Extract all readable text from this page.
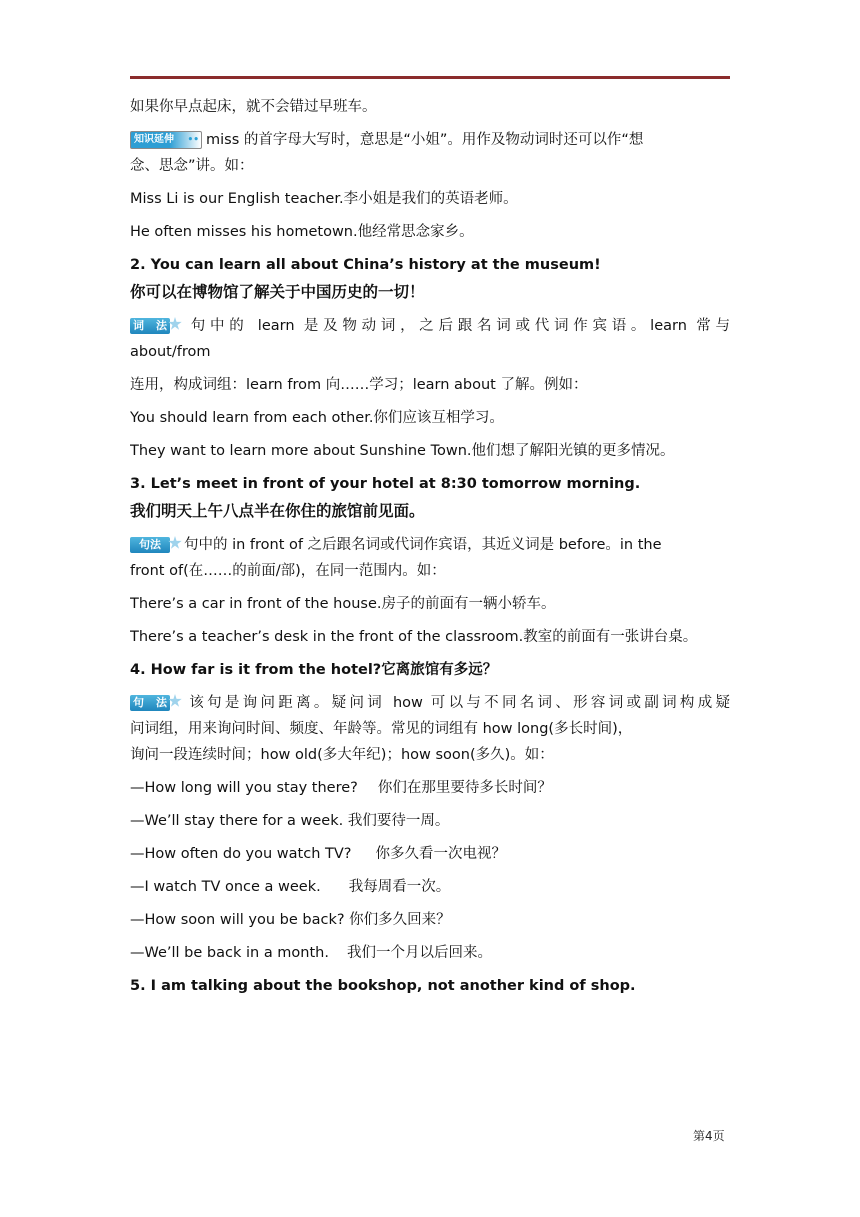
如果你早点起床，就不会错过早班车。
知识延伸 •• miss 的首字母大写时，意思是“小姐”。用作及物动词时还可以作“想
念、思念”讲。如：
Miss Li is our English teacher.李小姐是我们的英语老师。
He often misses his hometown.他经常思念家乡。
2. You can learn all about China’s history at the museum!
你可以在博物馆了解关于中国历史的一切！
词法 句中的 learn 是及物动词，之后跟名词或代词作宾语。learn 常与
about/from
连用，构成词组：learn from 向……学习；learn about 了解。例如：
You should learn from each other.你们应该互相学习。
They want to learn more about Sunshine Town.他们想了解阳光镇的更多情况。
3. Let’s meet in front of your hotel at 8:30 tomorrow morning.
我们明天上午八点半在你住的旅馆前见面。
句法 句中的 in front of 之后跟名词或代词作宾语，其近义词是 before。in the
front of(在……的前面/部)，在同一范围内。如：
There’s a car in front of the house.房子的前面有一辆小轿车。
There’s a teacher’s desk in the front of the classroom.教室的前面有一张讲台桌。
4. How far is it from the hotel?它离旅馆有多远？
句法 该句是询问距离。疑问词 how 可以与不同名词、形容词或副词构成疑
问词组，用来询问时间、频度、年龄等。常见的词组有 how long(多长时间)，
询问一段连续时间；how old(多大年纪)；how soon(多久)。如：
—How long will you stay there? 你们在那里要待多长时间？
—We’ll stay there for a week. 我们要待一周。
—How often do you watch TV? 你多久看一次电视？
—I watch TV once a week. 我每周看一次。
—How soon will you be back? 你们多久回来？
—We’ll be back in a month. 我们一个月以后回来。
5. I am talking about the bookshop, not another kind of shop.
第4页
